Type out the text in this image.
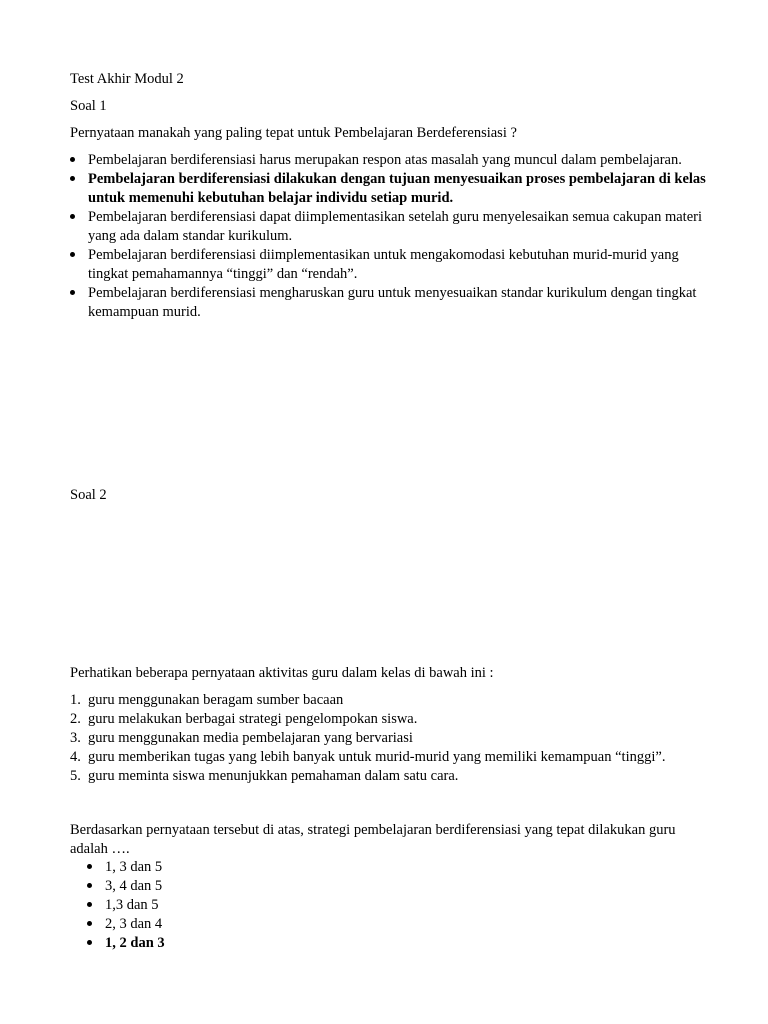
Test Akhir Modul 2
Soal 1
Pernyataan manakah yang paling tepat untuk Pembelajaran Berdeferensiasi ?
Pembelajaran berdiferensiasi harus merupakan respon atas masalah yang muncul dalam pembelajaran.
Pembelajaran berdiferensiasi dilakukan dengan tujuan menyesuaikan proses pembelajaran di kelas untuk memenuhi kebutuhan belajar individu setiap murid.
Pembelajaran berdiferensiasi dapat diimplementasikan setelah guru menyelesaikan semua cakupan materi yang ada dalam standar kurikulum.
Pembelajaran berdiferensiasi diimplementasikan untuk mengakomodasi kebutuhan murid-murid yang tingkat pemahamannya “tinggi” dan “rendah”.
Pembelajaran berdiferensiasi mengharuskan guru untuk menyesuaikan standar kurikulum dengan tingkat kemampuan murid.
Soal 2
Perhatikan beberapa pernyataan aktivitas guru dalam kelas di bawah ini :
1. guru menggunakan beragam sumber bacaan
2. guru melakukan berbagai strategi pengelompokan siswa.
3. guru menggunakan media pembelajaran yang bervariasi
4. guru memberikan tugas yang lebih banyak untuk murid-murid yang memiliki kemampuan “tinggi”.
5. guru meminta siswa menunjukkan pemahaman dalam satu cara.
Berdasarkan pernyataan tersebut di atas, strategi pembelajaran berdiferensiasi yang tepat dilakukan guru adalah ….
1, 3 dan 5
3, 4 dan 5
1,3 dan 5
2, 3 dan 4
1, 2 dan 3
